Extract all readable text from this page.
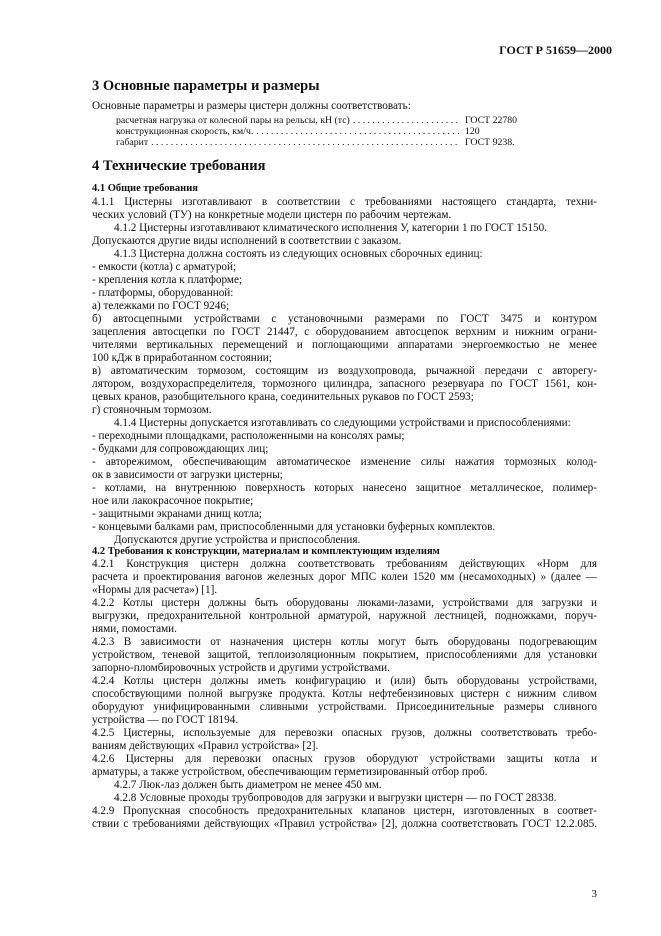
ГОСТ Р 51659—2000
3 Основные параметры и размеры
Основные параметры и размеры цистерн должны соответствовать:
расчетная нагрузка от колесной пары на рельсы, кН (тс) . . .	ГОСТ 22780
конструкционная скорость, км/ч. . . .	120
габарит . . .	ГОСТ 9238.
4 Технические требования
4.1 Общие требования
4.1.1 Цистерны изготавливают в соответствии с требованиями настоящего стандарта, техни-
ческих условий (ТУ) на конкретные модели цистерн по рабочим чертежам.
4.1.2 Цистерны изготавливают климатического исполнения У, категории 1 по ГОСТ 15150.
Допускаются другие виды исполнений в соответствии с заказом.
4.1.3 Цистерна должна состоять из следующих основных сборочных единиц:
- емкости (котла) с арматурой;
- крепления котла к платформе;
- платформы, оборудованной:
а) тележками по ГОСТ 9246;
б) автосцепными устройствами с установочными размерами по ГОСТ 3475 и контуром
зацепления автосцепки по ГОСТ 21447, с оборудованием автосцепок верхним и нижним ограни-
чителями вертикальных перемещений и поглощающими аппаратами энергоемкостью не менее
100 кДж в приработанном состоянии;
в) автоматическим тормозом, состоящим из воздухопровода, рычажной передачи с авторегу-
лятором, воздухораспределителя, тормозного цилиндра, запасного резервуара по ГОСТ 1561, кон-
цевых кранов, разобщительного крана, соединительных рукавов по ГОСТ 2593;
г) стояночным тормозом.
4.1.4 Цистерны допускается изготавливать со следующими устройствами и приспособлениями:
- переходными площадками, расположенными на консолях рамы;
- будками для сопровождающих лиц;
- авторежимом, обеспечивающим автоматическое изменение силы нажатия тормозных колод-
ок в зависимости от загрузки цистерны;
- котлами, на внутреннюю поверхность которых нанесено защитное металлическое, полимер-
ное или лакокрасочное покрытие;
- защитными экранами днищ котла;
- концевыми балками рам, приспособленными для установки буферных комплектов.
Допускаются другие устройства и приспособления.
4.2 Требования к конструкции, материалам и комплектующим изделиям
4.2.1 Конструкция цистерн должна соответствовать требованиям действующих «Норм для
расчета и проектирования вагонов железных дорог МПС колеи 1520 мм (несамоходных) » (далее —
«Нормы для расчета») [1].
4.2.2 Котлы цистерн должны быть оборудованы люками-лазами, устройствами для загрузки и
выгрузки, предохранительной контрольной арматурой, наружной лестницей, подножками, поруч-
нями, помостами.
4.2.3 В зависимости от назначения цистерн котлы могут быть оборудованы подогревающим
устройством, теневой защитой, теплоизоляционным покрытием, приспособлениями для установки
запорно-пломбировочных устройств и другими устройствами.
4.2.4 Котлы цистерн должны иметь конфигурацию и (или) быть оборудованы устройствами,
способствующими полной выгрузке продукта. Котлы нефтебензиновых цистерн с нижним сливом
оборудуют унифицированными сливными устройствами. Присоединительные размеры сливного
устройства — по ГОСТ 18194.
4.2.5 Цистерны, используемые для перевозки опасных грузов, должны соответствовать требо-
ваниям действующих «Правил устройства» [2].
4.2.6 Цистерны для перевозки опасных грузов оборудуют устройствами защиты котла и
арматуры, а также устройством, обеспечивающим герметизированный отбор проб.
4.2.7 Люк-лаз должен быть диаметром не менее 450 мм.
4.2.8 Условные проходы трубопроводов для загрузки и выгрузки цистерн — по ГОСТ 28338.
4.2.9 Пропускная способность предохранительных клапанов цистерн, изготовленных в соответ-
ствии с требованиями действующих «Правил устройства» [2], должна соответствовать ГОСТ 12.2.085.
3
